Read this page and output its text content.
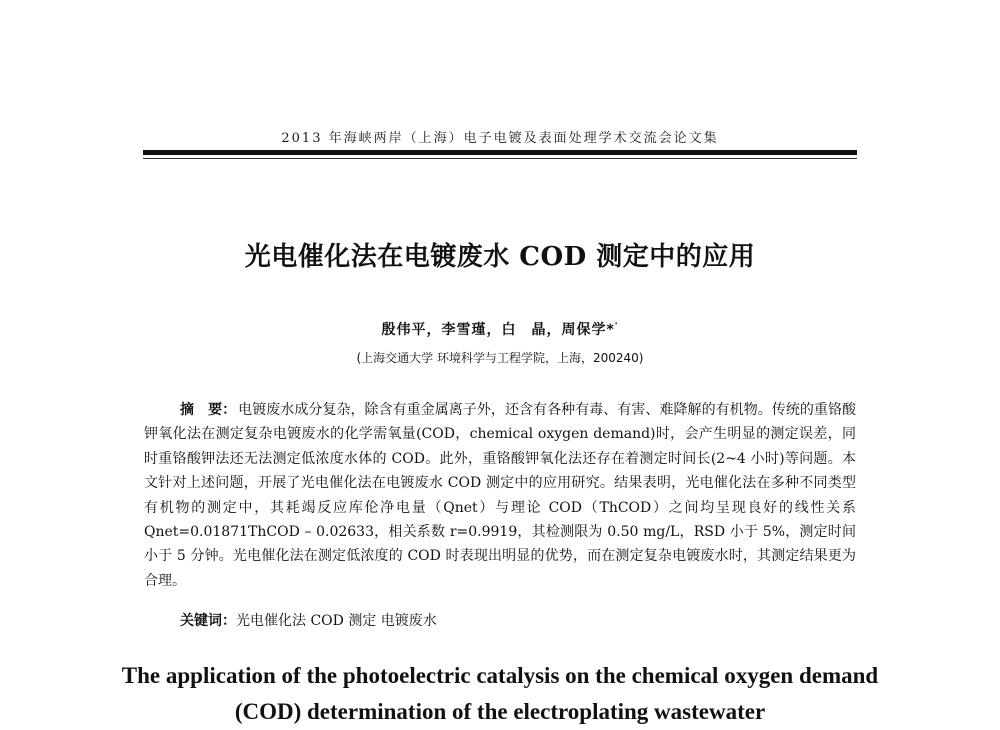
2013 年海峡两岸（上海）电子电镀及表面处理学术交流会论文集
光电催化法在电镀废水 COD 测定中的应用
殷伟平，李雪瑾，白　晶，周保学*'
(上海交通大学 环境科学与工程学院，上海，200240)
摘　要： 电镀废水成分复杂，除含有重金属离子外，还含有各种有毒、有害、难降解的有机物。传统的重铬酸钾氧化法在测定复杂电镀废水的化学需氧量(COD，chemical oxygen demand)时，会产生明显的测定误差，同时重铬酸钾法还无法测定低浓度水体的 COD。此外，重铬酸钾氧化法还存在着测定时间长(2~4 小时)等问题。本文针对上述问题，开展了光电催化法在电镀废水 COD 测定中的应用研究。结果表明，光电催化法在多种不同类型有机物的测定中，其耗竭反应库伦净电量（Qnet）与理论 COD（ThCOD）之间均呈现良好的线性关系 Qnet=0.01871ThCOD – 0.02633，相关系数 r=0.9919，其检测限为 0.50 mg/L，RSD 小于 5%，测定时间小于 5 分钟。光电催化法在测定低浓度的 COD 时表现出明显的优势，而在测定复杂电镀废水时，其测定结果更为合理。
关键词：光电催化法 COD 测定 电镀废水
The application of the photoelectric catalysis on the chemical oxygen demand (COD) determination of the electroplating wastewater
